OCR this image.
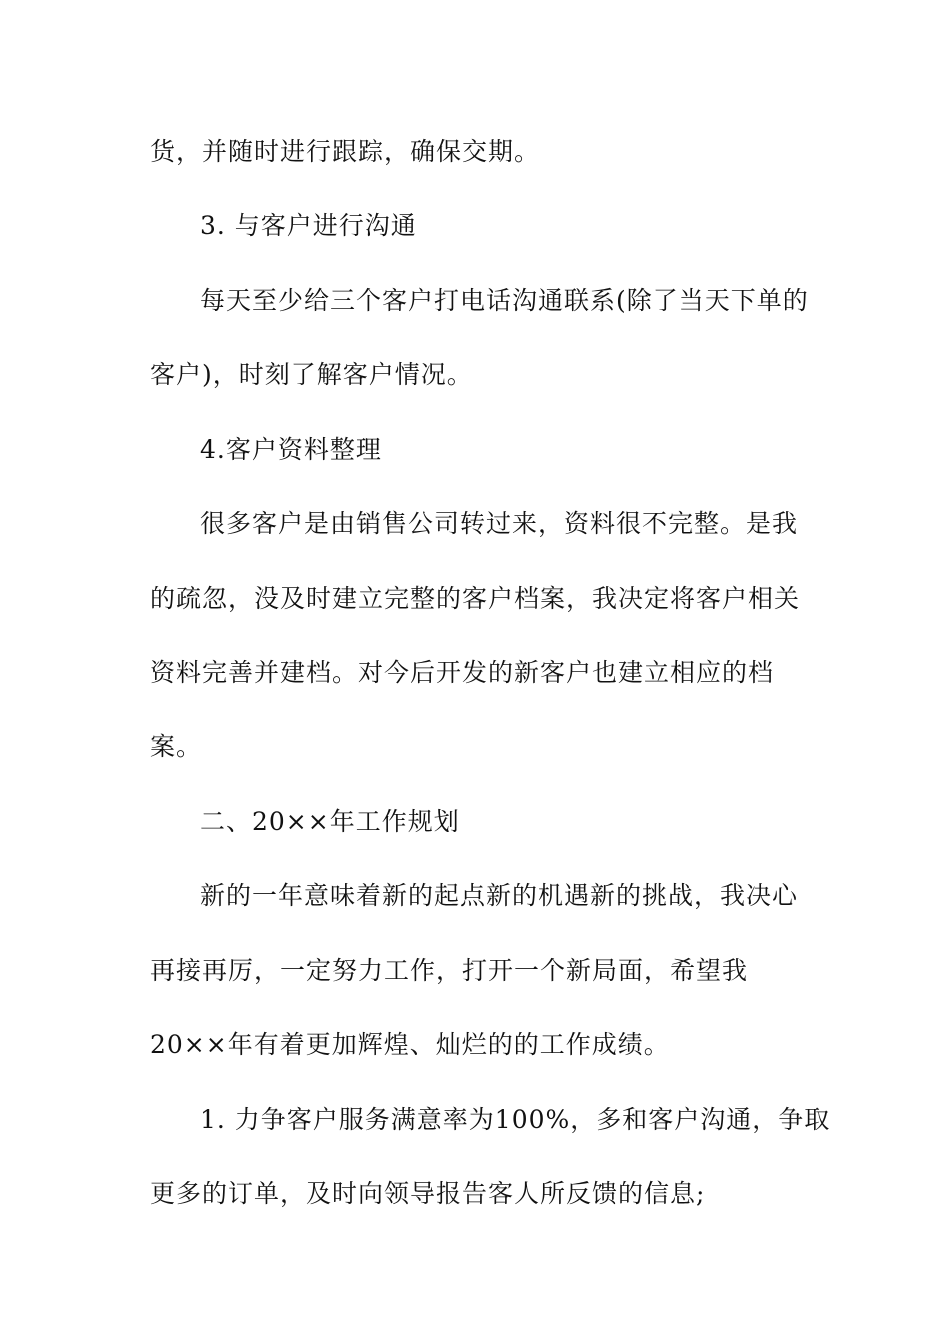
货，并随时进行跟踪，确保交期。
3. 与客户进行沟通
每天至少给三个客户打电话沟通联系(除了当天下单的
客户)，时刻了解客户情况。
4.客户资料整理
很多客户是由销售公司转过来，资料很不完整。是我
的疏忽，没及时建立完整的客户档案，我决定将客户相关
资料完善并建档。对今后开发的新客户也建立相应的档
案。
二、20××年工作规划
新的一年意味着新的起点新的机遇新的挑战，我决心
再接再厉，一定努力工作，打开一个新局面，希望我
20××年有着更加辉煌、灿烂的的工作成绩。
1. 力争客户服务满意率为100%，多和客户沟通，争取
更多的订单，及时向领导报告客人所反馈的信息;
